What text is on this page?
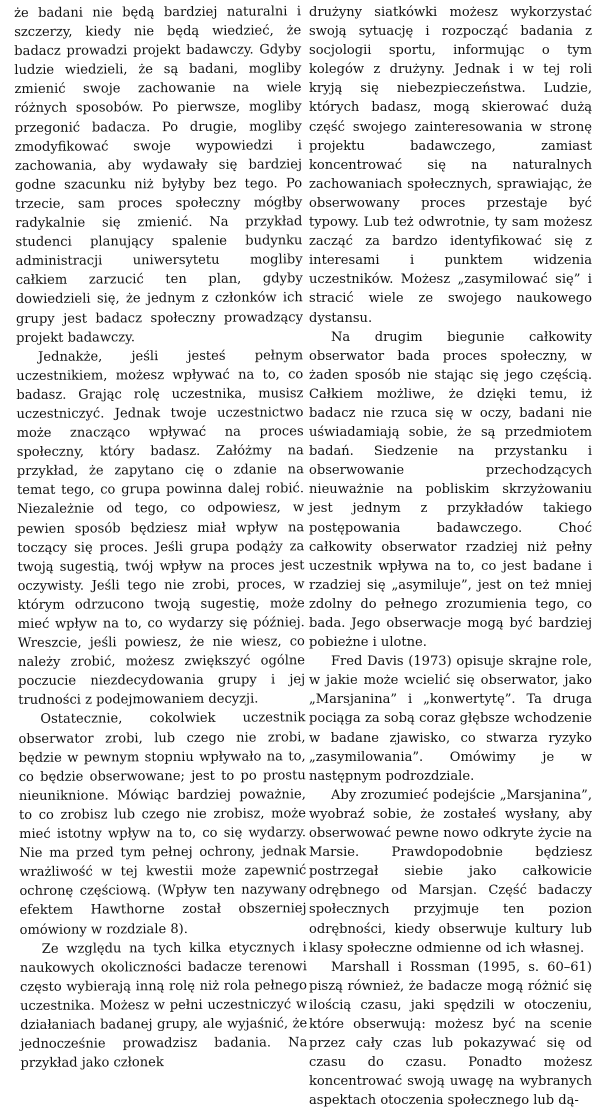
że badani nie będą bardziej naturalni i szczerzy, kiedy nie będą wiedzieć, że badacz prowadzi projekt badawczy. Gdyby ludzie wiedzieli, że są badani, mogliby zmienić swoje zachowanie na wiele różnych sposobów. Po pierwsze, mogliby przegonić badacza. Po drugie, mogliby zmodyfikować swoje wypowiedzi i zachowania, aby wydawały się bardziej godne szacunku niż byłyby bez tego. Po trzecie, sam proces społeczny mógłby radykalnie się zmienić. Na przykład studenci planujący spalenie budynku administracji uniwersytetu mogliby całkiem zarzucić ten plan, gdyby dowiedzieli się, że jednym z członków ich grupy jest badacz społeczny prowadzący projekt badawczy.

Jednakże, jeśli jesteś pełnym uczestnikiem, możesz wpływać na to, co badasz. Grając rolę uczestnika, musisz uczestniczyć. Jednak twoje uczestnictwo może znacząco wpływać na proces społeczny, który badasz. Załóżmy na przykład, że zapytano cię o zdanie na temat tego, co grupa powinna dalej robić. Niezależnie od tego, co odpowiesz, w pewien sposób będziesz miał wpływ na toczący się proces. Jeśli grupa podąży za twoją sugestią, twój wpływ na proces jest oczywisty. Jeśli tego nie zrobi, proces, w którym odrzucono twoją sugestię, może mieć wpływ na to, co wydarzy się później. Wreszcie, jeśli powiesz, że nie wiesz, co należy zrobić, możesz zwiększyć ogólne poczucie niezdecydowania grupy i jej trudności z podejmowaniem decyzji.

Ostatecznie, cokolwiek uczestnik obserwator zrobi, lub czego nie zrobi, będzie w pewnym stopniu wpływało na to, co będzie obserwowane; jest to po prostu nieuniknione. Mówiąc bardziej poważnie, to co zrobisz lub czego nie zrobisz, może mieć istotny wpływ na to, co się wydarzy. Nie ma przed tym pełnej ochrony, jednak wrażliwość w tej kwestii może zapewnić ochronę częściową. (Wpływ ten nazywany efektem Hawthorne został obszerniej omówiony w rozdziale 8).

Ze względu na tych kilka etycznych i naukowych okoliczności badacze terenowi często wybierają inną rolę niż rola pełnego uczestnika. Możesz w pełni uczestniczyć w działaniach badanej grupy, ale wyjaśnić, że jednocześnie prowadzisz badania. Na przykład jako członek

drużyny siatkówki możesz wykorzystać swoją sytuację i rozpocząć badania z socjologii sportu, informując o tym kolegów z drużyny. Jednak i w tej roli kryją się niebezpieczeństwa. Ludzie, których badasz, mogą skierować dużą część swojego zainteresowania w stronę projektu badawczego, zamiast koncentrować się na naturalnych zachowaniach społecznych, sprawiając, że obserwowany proces przestaje być typowy. Lub też odwrotnie, ty sam możesz zacząć za bardzo identyfikować się z interesami i punktem widzenia uczestników. Możesz „zasymilować się” i stracić wiele ze swojego naukowego dystansu.

Na drugim biegunie całkowity obserwator bada proces społeczny, w żaden sposób nie stając się jego częścią. Całkiem możliwe, że dzięki temu, iż badacz nie rzuca się w oczy, badani nie uświadamiają sobie, że są przedmiotem badań. Siedzenie na przystanku i obserwowanie przechodzących nieuważnie na pobliskim skrzyżowaniu jest jednym z przykładów takiego postępowania badawczego. Choć całkowity obserwator rzadziej niż pełny uczestnik wpływa na to, co jest badane i rzadziej się „asymiluje”, jest on też mniej zdolny do pełnego zrozumienia tego, co bada. Jego obserwacje mogą być bardziej pobieżne i ulotne.

Fred Davis (1973) opisuje skrajne role, w jakie może wcielić się obserwator, jako „Marsjanina” i „konwertytę”. Ta druga pociąga za sobą coraz głębsze wchodzenie w badane zjawisko, co stwarza ryzyko „zasymilowania”. Omówimy je w następnym podrozdziale.

Aby zrozumieć podejście „Marsjanina”, wyobraź sobie, że zostałeś wysłany, aby obserwować pewne nowo odkryte życie na Marsie. Prawdopodobnie będziesz postrzegał siebie jako całkowicie odrębnego od Marsjan. Część badaczy społecznych przyjmuje ten pozion odrębności, kiedy obserwuje kultury lub klasy społeczne odmienne od ich własnej.

Marshall i Rossman (1995, s. 60–61) piszą również, że badacze mogą różnić się ilością czasu, jaki spędzili w otoczeniu, które obserwują: możesz być na scenie przez cały czas lub pokazywać się od czasu do czasu. Ponadto możesz koncentrować swoją uwagę na wybranych aspektach otoczenia społecznego lub dą-
